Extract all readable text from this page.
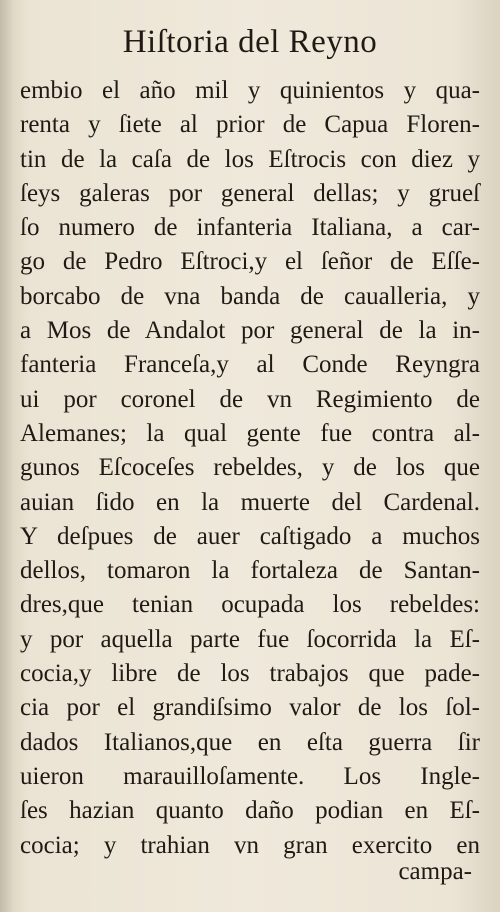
Hiſtoria del Reyno
embio el año mil y quinientos y qua-
renta y ſiete al prior de Capua Floren-
tin de la caſa de los Eſtrocis con diez y
ſeys galeras por general dellas; y grueſ
ſo numero de infanteria Italiana, a car-
go de Pedro Eſtroci,y el ſeñor de Eſſe-
borcabo de vna banda de caualleria, y
a Mos de Andalot por general de la in-
fanteria Franceſa,y al Conde Reyngra
ui por coronel de vn Regimiento de
Alemanes; la qual gente fue contra al-
gunos Eſcoceſes rebeldes, y de los que
auian ſido en la muerte del Cardenal.
Y deſpues de auer caſtigado a muchos
dellos, tomaron la fortaleza de Santan-
dres,que tenian ocupada los rebeldes:
y por aquella parte fue ſocorrida la Eſ-
cocia,y libre de los trabajos que pade-
cia por el grandiſsimo valor de los ſol-
dados Italianos,que en eſta guerra ſir
uieron marauilloſamente. Los Ingle-
ſes hazian quanto daño podian en Eſ-
cocia; y trahian vn gran exercito en
campa-
